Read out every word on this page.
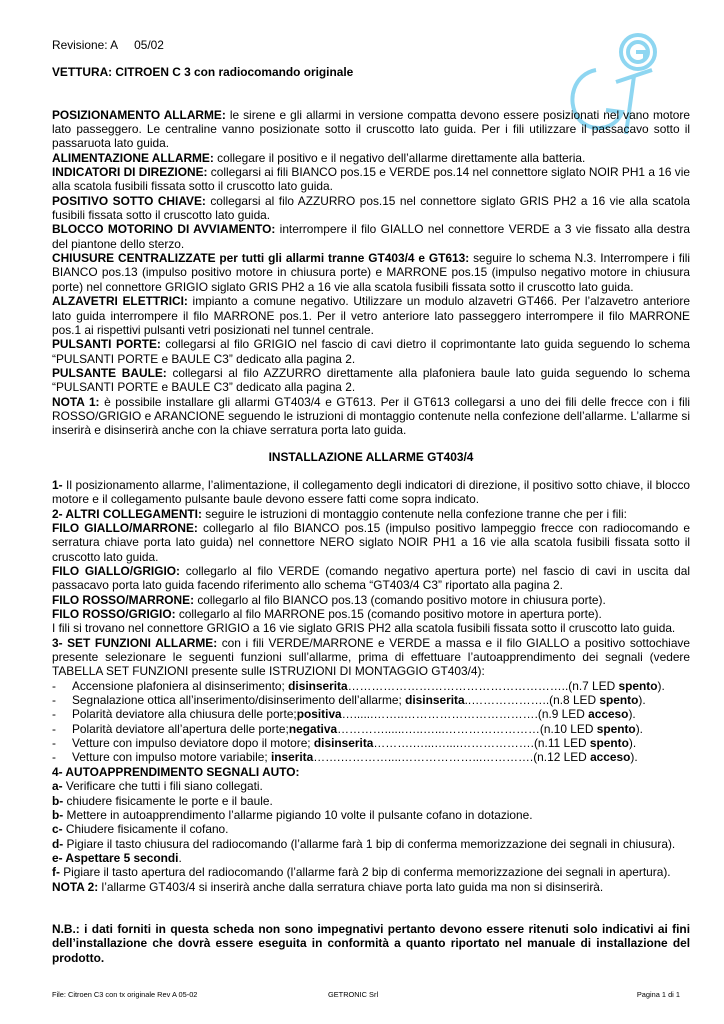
Revisione: A 05/02
VETTURA: CITROEN C 3 con radiocomando originale

POSIZIONAMENTO ALLARME: le sirene e gli allarmi in versione compatta devono essere posizionati nel vano motore lato passeggero. Le centraline vanno posizionate sotto il cruscotto lato guida. Per i fili utilizzare il passacavo sotto il passaruota lato guida.

ALIMENTAZIONE ALLARME: collegare il positivo e il negativo dell’allarme direttamente alla batteria.

INDICATORI DI DIREZIONE: collegarsi ai fili BIANCO pos.15 e VERDE pos.14 nel connettore siglato NOIR PH1 a 16 vie alla scatola fusibili fissata sotto il cruscotto lato guida.

POSITIVO SOTTO CHIAVE: collegarsi al filo AZZURRO pos.15 nel connettore siglato GRIS PH2 a 16 vie alla scatola fusibili fissata sotto il cruscotto lato guida.

BLOCCO MOTORINO DI AVVIAMENTO: interrompere il filo GIALLO nel connettore VERDE a 3 vie fissato alla destra del piantone dello sterzo.

CHIUSURE CENTRALIZZATE per tutti gli allarmi tranne GT403/4 e GT613: seguire lo schema N.3. Interrompere i fili BIANCO pos.13 (impulso positivo motore in chiusura porte) e MARRONE pos.15 (impulso negativo motore in chiusura porte) nel connettore GRIGIO siglato GRIS PH2 a 16 vie alla scatola fusibili fissata sotto il cruscotto lato guida.

ALZAVETRI ELETTRICI: impianto a comune negativo. Utilizzare un modulo alzavetri GT466. Per l’alzavetro anteriore lato guida interrompere il filo MARRONE pos.1. Per il vetro anteriore lato passeggero interrompere il filo MARRONE pos.1 ai rispettivi pulsanti vetri posizionati nel tunnel centrale.

PULSANTI PORTE: collegarsi al filo GRIGIO nel fascio di cavi dietro il coprimontante lato guida seguendo lo schema “PULSANTI PORTE e BAULE C3” dedicato alla pagina 2.

PULSANTE BAULE: collegarsi al filo AZZURRO direttamente alla plafoniera baule lato guida seguendo lo schema “PULSANTI PORTE e BAULE C3” dedicato alla pagina 2.

NOTA 1: è possibile installare gli allarmi GT403/4 e GT613. Per il GT613 collegarsi a uno dei fili delle frecce con i fili ROSSO/GRIGIO e ARANCIONE seguendo le istruzioni di montaggio contenute nella confezione dell’allarme. L’allarme si inserirà e disinserirà anche con la chiave serratura porta lato guida.

INSTALLAZIONE ALLARME GT403/4

1- Il posizionamento allarme, l’alimentazione, il collegamento degli indicatori di direzione, il positivo sotto chiave, il blocco motore e il collegamento pulsante baule devono essere fatti come sopra indicato.

2- ALTRI COLLEGAMENTI: seguire le istruzioni di montaggio contenute nella confezione tranne che per i fili:

FILO GIALLO/MARRONE: collegarlo al filo BIANCO pos.15 (impulso positivo lampeggio frecce con radiocomando e serratura chiave porta lato guida) nel connettore NERO siglato NOIR PH1 a 16 vie alla scatola fusibili fissata sotto il cruscotto lato guida.

FILO GIALLO/GRIGIO: collegarlo al filo VERDE (comando negativo apertura porte) nel fascio di cavi in uscita dal passacavo porta lato guida facendo riferimento allo schema “GT403/4 C3” riportato alla pagina 2.

FILO ROSSO/MARRONE: collegarlo al filo BIANCO pos.13 (comando positivo motore in chiusura porte).

FILO ROSSO/GRIGIO: collegarlo al filo MARRONE pos.15 (comando positivo motore in apertura porte).

I fili si trovano nel connettore GRIGIO a 16 vie siglato GRIS PH2 alla scatola fusibili fissata sotto il cruscotto lato guida.

3- SET FUNZIONI ALLARME: con i fili VERDE/MARRONE e VERDE a massa e il filo GIALLO a positivo sottochiave presente selezionare le seguenti funzioni sull’allarme, prima di effettuare l’autoapprendimento dei segnali (vedere TABELLA SET FUNZIONI presente sulle ISTRUZIONI DI MONTAGGIO GT403/4):

-	Accensione plafoniera al disinserimento; disinserita………………………………………………..(n.7 LED spento).
-	Segnalazione ottica all’inserimento/disinserimento dell’allarme; disinserita..………………..(n.8 LED spento).
-	Polarità deviatore alla chiusura delle porte;positiva…......……..…………………………….(n.9 LED acceso).
-	Polarità deviatore all’apertura delle porte;negativa…………......…..…...……………………(n.10 LED spento).
-	Vetture con impulso deviatore dopo il motore; disinserita……….…...…....……………….(n.11 LED spento).
-	Vetture con impulso motore variabile; inserita…….…………....………………...………….(n.12 LED acceso).

4- AUTOAPPRENDIMENTO SEGNALI AUTO:

a- Verificare che tutti i fili siano collegati.

b- chiudere fisicamente le porte e il baule.

b- Mettere in autoapprendimento l’allarme pigiando 10 volte il pulsante cofano in dotazione.

c- Chiudere fisicamente il cofano.

d- Pigiare il tasto chiusura del radiocomando (l’allarme farà 1 bip di conferma memorizzazione dei segnali in chiusura).

e- Aspettare 5 secondi.

f- Pigiare il tasto apertura del radiocomando (l’allarme farà 2 bip di conferma memorizzazione dei segnali in apertura).

NOTA 2: l’allarme GT403/4 si inserirà anche dalla serratura chiave porta lato guida ma non si disinserirà.

N.B.: i dati forniti in questa scheda non sono impegnativi pertanto devono essere ritenuti solo indicativi ai fini dell’installazione che dovrà essere eseguita in conformità a quanto riportato nel manuale di installazione del prodotto.

File: Citroen C3 con tx originale Rev A 05-02	GETRONIC Srl	Pagina 1 di 1
